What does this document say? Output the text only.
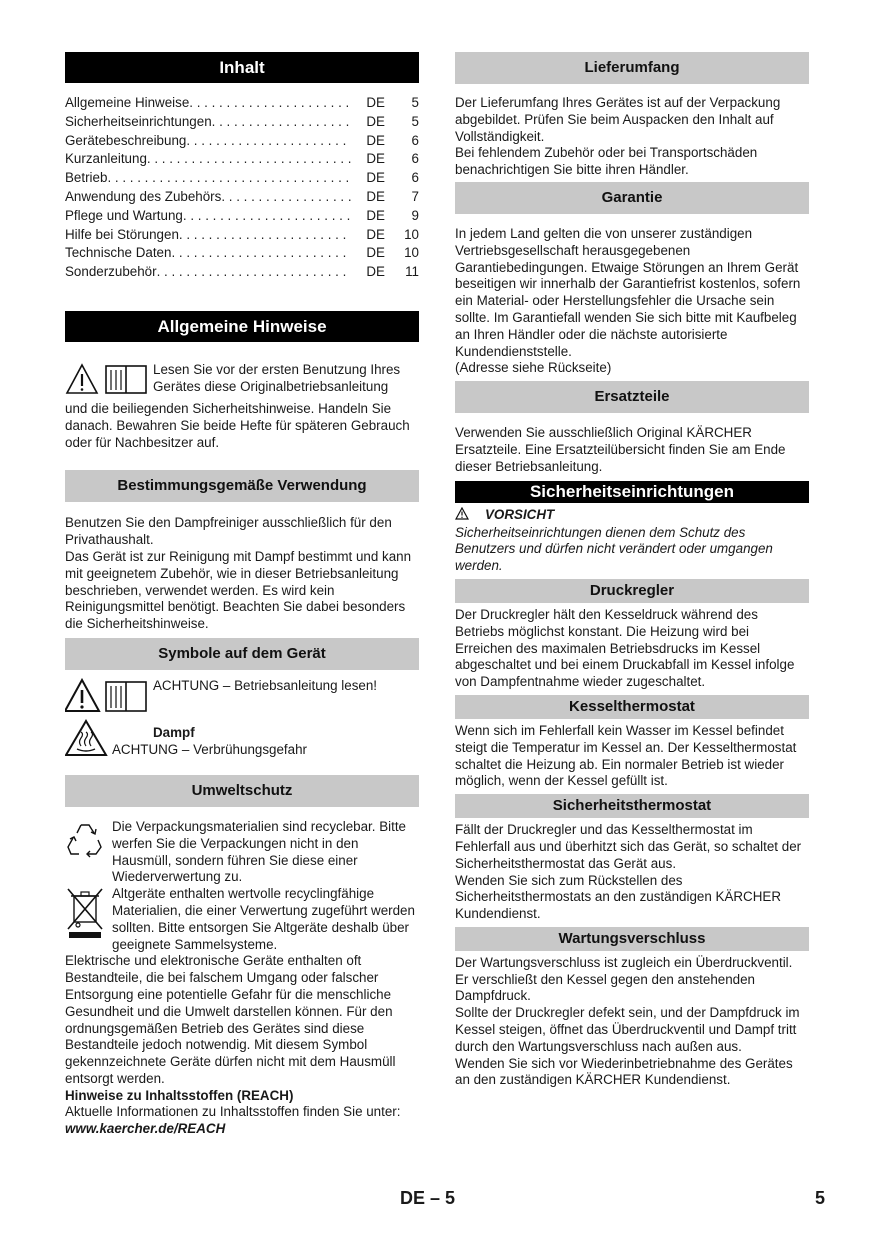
Inhalt
Allgemeine Hinweise . . .	DE	5
Sicherheitseinrichtungen . . .	DE	5
Gerätebeschreibung . . .	DE	6
Kurzanleitung . . .	DE	6
Betrieb . . .	DE	6
Anwendung des Zubehörs . . .	DE	7
Pflege und Wartung . . .	DE	9
Hilfe bei Störungen . . .	DE	10
Technische Daten . . .	DE	10
Sonderzubehör . . .	DE	11
Allgemeine Hinweise

Lesen Sie vor der ersten Benutzung Ihres

Gerätes diese Originalbetriebsanleitung

und die beiliegenden Sicherheitshinweise. Handeln Sie danach. Bewahren Sie beide Hefte für späteren Gebrauch oder für Nachbesitzer auf.

Bestimmungsgemäße Verwendung

Benutzen Sie den Dampfreiniger ausschließlich für den Privathaushalt.

Das Gerät ist zur Reinigung mit Dampf bestimmt und kann mit geeignetem Zubehör, wie in dieser Betriebsanleitung beschrieben, verwendet werden. Es wird kein Reinigungsmittel benötigt. Beachten Sie dabei besonders die Sicherheitshinweise.

Symbole auf dem Gerät

ACHTUNG – Betriebsanleitung lesen!

Dampf

ACHTUNG – Verbrühungsgefahr

Umweltschutz

Die Verpackungsmaterialien sind recyclebar. Bitte werfen Sie die Verpackungen nicht in den Hausmüll, sondern führen Sie diese einer Wiederverwertung zu.

Altgeräte enthalten wertvolle recyclingfähige Materialien, die einer Verwertung zugeführt werden sollten. Bitte entsorgen Sie Altgeräte deshalb über geeignete Sammelsysteme.

Elektrische und elektronische Geräte enthalten oft Bestandteile, die bei falschem Umgang oder falscher Entsorgung eine potentielle Gefahr für die menschliche Gesundheit und die Umwelt darstellen können. Für den ordnungsgemäßen Betrieb des Gerätes sind diese Bestandteile jedoch notwendig. Mit diesem Symbol gekennzeichnete Geräte dürfen nicht mit dem Hausmüll entsorgt werden.

Hinweise zu Inhaltsstoffen (REACH)

Aktuelle Informationen zu Inhaltsstoffen finden Sie unter:

www.kaercher.de/REACH

Lieferumfang

Der Lieferumfang Ihres Gerätes ist auf der Verpackung abgebildet. Prüfen Sie beim Auspacken den Inhalt auf Vollständigkeit.

Bei fehlendem Zubehör oder bei Transportschäden benachrichtigen Sie bitte ihren Händler.

Garantie

In jedem Land gelten die von unserer zuständigen Vertriebsgesellschaft herausgegebenen Garantiebedingungen. Etwaige Störungen an Ihrem Gerät beseitigen wir innerhalb der Garantiefrist kostenlos, sofern ein Material- oder Herstellungsfehler die Ursache sein sollte. Im Garantiefall wenden Sie sich bitte mit Kaufbeleg an Ihren Händler oder die nächste autorisierte Kundendienststelle.

(Adresse siehe Rückseite)

Ersatzteile

Verwenden Sie ausschließlich Original KÄRCHER Ersatzteile. Eine Ersatzteilübersicht finden Sie am Ende dieser Betriebsanleitung.

Sicherheitseinrichtungen

VORSICHT

Sicherheitseinrichtungen dienen dem Schutz des Benutzers und dürfen nicht verändert oder umgangen werden.

Druckregler

Der Druckregler hält den Kesseldruck während des Betriebs möglichst konstant. Die Heizung wird bei Erreichen des maximalen Betriebsdrucks im Kessel abgeschaltet und bei einem Druckabfall im Kessel infolge von Dampfentnahme wieder zugeschaltet.

Kesselthermostat

Wenn sich im Fehlerfall kein Wasser im Kessel befindet steigt die Temperatur im Kessel an. Der Kesselthermostat schaltet die Heizung ab. Ein normaler Betrieb ist wieder möglich, wenn der Kessel gefüllt ist.

Sicherheitsthermostat

Fällt der Druckregler und das Kesselthermostat im Fehlerfall aus und überhitzt sich das Gerät, so schaltet der Sicherheitsthermostat das Gerät aus.

Wenden Sie sich zum Rückstellen des Sicherheitsthermostats an den zuständigen KÄRCHER Kundendienst.

Wartungsverschluss

Der Wartungsverschluss ist zugleich ein Überdruckventil. Er verschließt den Kessel gegen den anstehenden Dampfdruck.

Sollte der Druckregler defekt sein, und der Dampfdruck im Kessel steigen, öffnet das Überdruckventil und Dampf tritt durch den Wartungsverschluss nach außen aus.

Wenden Sie sich vor Wiederinbetriebnahme des Gerätes an den zuständigen KÄRCHER Kundendienst.

DE – 5	5
